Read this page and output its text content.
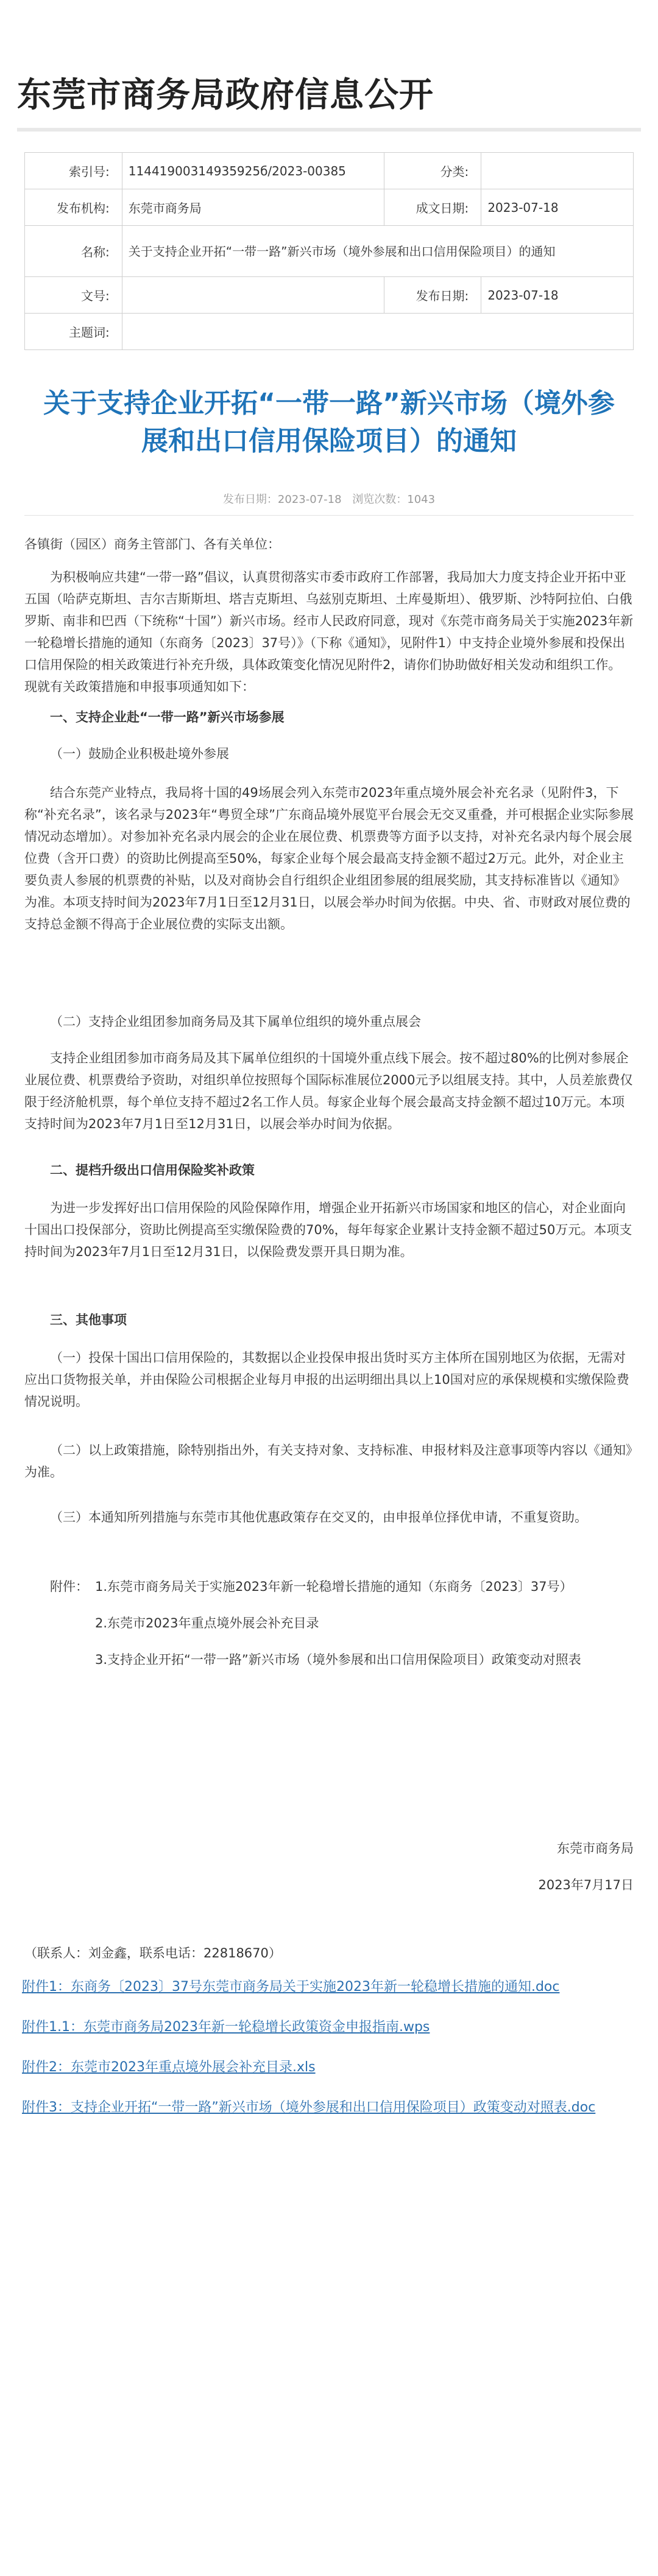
东莞市商务局政府信息公开
索引号:	11441900314935925б/2023-00385	分类:	
发布机构:	东莞市商务局	成文日期:	2023-07-18
名称:	关于支持企业开拓“一带一路”新兴市场（境外参展和出口信用保险项目）的通知		
文号:		发布日期:	2023-07-18
主题词:			
关于支持企业开拓“一带一路”新兴市场（境外参展和出口信用保险项目）的通知
发布日期：2023-07-18 浏览次数：1043
各镇街（园区）商务主管部门、各有关单位：
为积极响应共建“一带一路”倡议，认真贯彻落实市委市政府工作部署，我局加大力度支持企业开拓中亚五国（哈萨克斯坦、吉尔吉斯斯坦、塔吉克斯坦、乌兹别克斯坦、土库曼斯坦）、俄罗斯、沙特阿拉伯、白俄罗斯、南非和巴西（下统称“十国”）新兴市场。经市人民政府同意，现对《东莞市商务局关于实施2023年新一轮稳增长措施的通知（东商务〔2023〕37号）》（下称《通知》，见附件1）中支持企业境外参展和投保出口信用保险的相关政策进行补充升级，具体政策变化情况见附件2，请你们协助做好相关发动和组织工作。现就有关政策措施和申报事项通知如下：
一、支持企业赴“一带一路”新兴市场参展
（一）鼓励企业积极赴境外参展
结合东莞产业特点，我局将十国的49场展会列入东莞市2023年重点境外展会补充名录（见附件3，下称“补充名录”，该名录与2023年“粤贸全球”广东商品境外展览平台展会无交叉重叠，并可根据企业实际参展情况动态增加）。对参加补充名录内展会的企业在展位费、机票费等方面予以支持，对补充名录内每个展会展位费（含开口费）的资助比例提高至50%，每家企业每个展会最高支持金额不超过2万元。此外，对企业主要负责人参展的机票费的补贴，以及对商协会自行组织企业组团参展的组展奖励，其支持标准皆以《通知》为准。本项支持时间为2023年7月1日至12月31日，以展会举办时间为依据。中央、省、市财政对展位费的支持总金额不得高于企业展位费的实际支出额。
（二）支持企业组团参加商务局及其下属单位组织的境外重点展会
支持企业组团参加市商务局及其下属单位组织的十国境外重点线下展会。按不超过80%的比例对参展企业展位费、机票费给予资助，对组织单位按照每个国际标准展位2000元予以组展支持。其中，人员差旅费仅限于经济舱机票，每个单位支持不超过2名工作人员。每家企业每个展会最高支持金额不超过10万元。本项支持时间为2023年7月1日至12月31日，以展会举办时间为依据。
二、提档升级出口信用保险奖补政策
为进一步发挥好出口信用保险的风险保障作用，增强企业开拓新兴市场国家和地区的信心，对企业面向十国出口投保部分，资助比例提高至实缴保险费的70%，每年每家企业累计支持金额不超过50万元。本项支持时间为2023年7月1日至12月31日，以保险费发票开具日期为准。
三、其他事项
（一）投保十国出口信用保险的，其数据以企业投保申报出货时买方主体所在国别地区为依据，无需对应出口货物报关单，并由保险公司根据企业每月申报的出运明细出具以上10国对应的承保规模和实缴保险费情况说明。
（二）以上政策措施，除特别指出外，有关支持对象、支持标准、申报材料及注意事项等内容以《通知》为准。
（三）本通知所列措施与东莞市其他优惠政策存在交叉的，由申报单位择优申请，不重复资助。
附件： 1.东莞市商务局关于实施2023年新一轮稳增长措施的通知（东商务〔2023〕37号）
2.东莞市2023年重点境外展会补充目录
3.支持企业开拓“一带一路”新兴市场（境外参展和出口信用保险项目）政策变动对照表
东莞市商务局
2023年7月17日
（联系人：刘金鑫，联系电话：22818670）
附件1：东商务〔2023〕37号东莞市商务局关于实施2023年新一轮稳增长措施的通知.doc
附件1.1：东莞市商务局2023年新一轮稳增长政策资金申报指南.wps
附件2：东莞市2023年重点境外展会补充目录.xls
附件3：支持企业开拓“一带一路”新兴市场（境外参展和出口信用保险项目）政策变动对照表.doc
